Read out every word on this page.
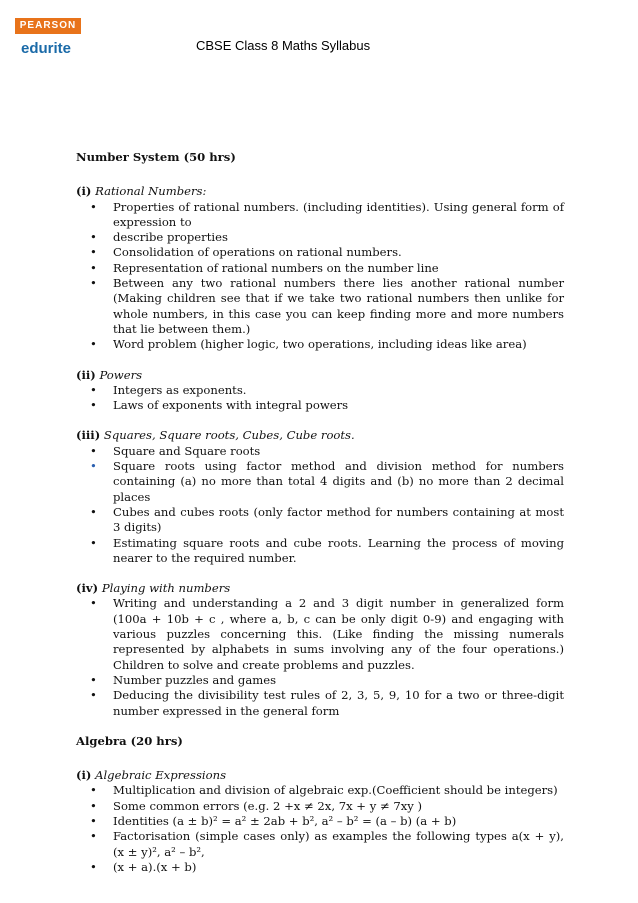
PEARSON
edurite	CBSE Class 8 Maths Syllabus

Number System (50 hrs)

(i) Rational Numbers:

• Properties of rational numbers. (including identities). Using general form of expression to
• describe properties
• Consolidation of operations on rational numbers.
• Representation of rational numbers on the number line
• Between any two rational numbers there lies another rational number (Making children see that if we take two rational numbers then unlike for whole numbers, in this case you can keep finding more and more numbers that lie between them.)
• Word problem (higher logic, two operations, including ideas like area)

(ii) Powers

• Integers as exponents.
• Laws of exponents with integral powers

(iii) Squares, Square roots, Cubes, Cube roots.

• Square and Square roots
• Square roots using factor method and division method for numbers containing (a) no more than total 4 digits and (b) no more than 2 decimal places
• Cubes and cubes roots (only factor method for numbers containing at most 3 digits)
• Estimating square roots and cube roots. Learning the process of moving nearer to the required number.

(iv) Playing with numbers

• Writing and understanding a 2 and 3 digit number in generalized form (100a + 10b + c , where a, b, c can be only digit 0-9) and engaging with various puzzles concerning this. (Like finding the missing numerals represented by alphabets in sums involving any of the four operations.) Children to solve and create problems and puzzles.
• Number puzzles and games
• Deducing the divisibility test rules of 2, 3, 5, 9, 10 for a two or three-digit number expressed in the general form

Algebra (20 hrs)

(i) Algebraic Expressions

• Multiplication and division of algebraic exp.(Coefficient should be integers)
• Some common errors (e.g. 2 +x ≠ 2x, 7x + y ≠ 7xy )
• Identities (a ± b)² = a² ± 2ab + b², a² – b² = (a – b) (a + b)
• Factorisation (simple cases only) as examples the following types a(x + y), (x ± y)², a² – b²,
• (x + a).(x + b)
